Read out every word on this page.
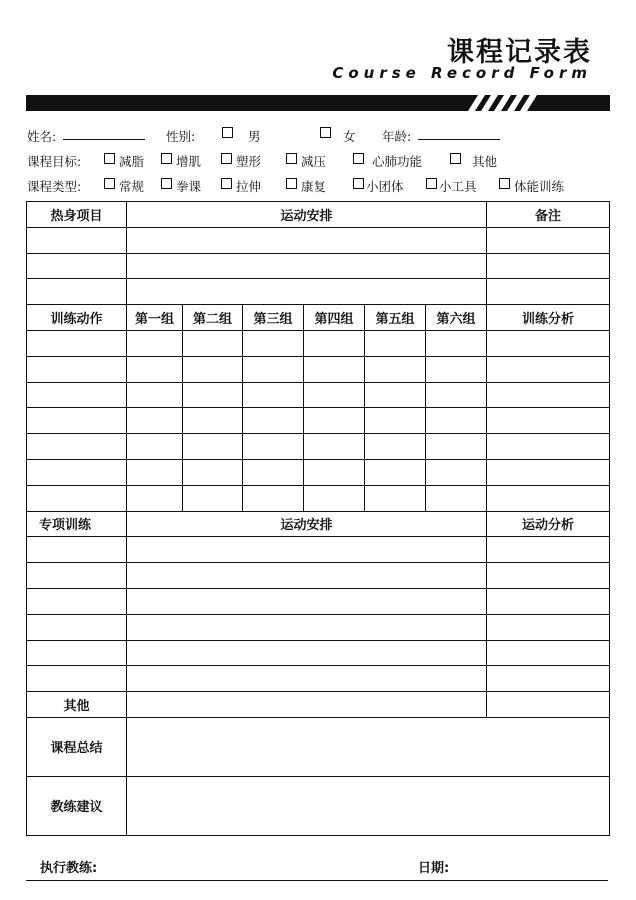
课程记录表
Course Record Form
姓名:	性别:	男	女 年龄:
课程目标:	减脂	增肌	塑形	减压	心肺功能	其他
课程类型:	常规	拳课	拉伸	康复	小团体	小工具	体能训练
热身项目	运动安排						备注

训练动作	第一组	第二组	第三组	第四组	第五组	第六组	训练分析

专项训练	运动安排						运动分析

其他							
课程总结							
教练建议							
执行教练:	日期:
